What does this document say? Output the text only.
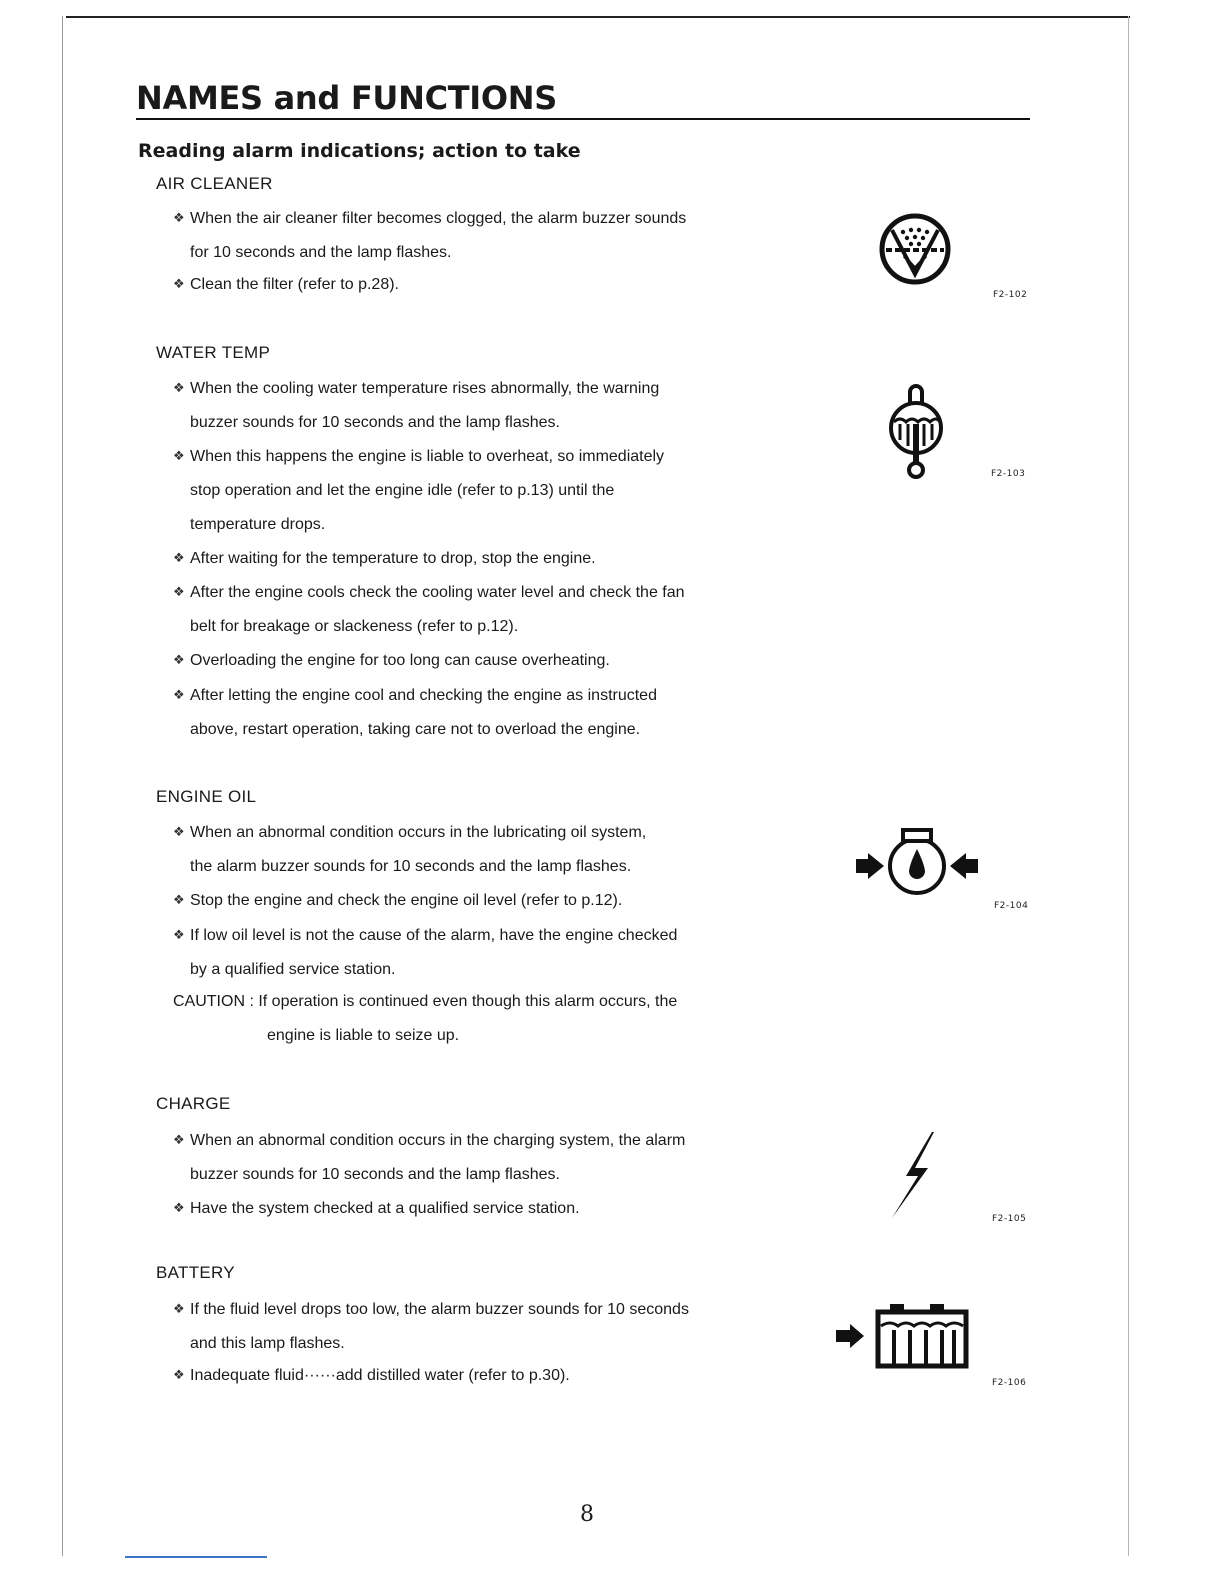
NAMES and FUNCTIONS
Reading alarm indications; action to take
AIR CLEANER
❖ When the air cleaner filter becomes clogged, the alarm buzzer sounds
for 10 seconds and the lamp flashes.
❖ Clean the filter (refer to p.28).
F2-102
WATER TEMP
❖ When the cooling water temperature rises abnormally, the warning
buzzer sounds for 10 seconds and the lamp flashes.
❖ When this happens the engine is liable to overheat, so immediately
stop operation and let the engine idle (refer to p.13) until the
temperature drops.
❖ After waiting for the temperature to drop, stop the engine.
❖ After the engine cools check the cooling water level and check the fan
belt for breakage or slackeness (refer to p.12).
❖ Overloading the engine for too long can cause overheating.
❖ After letting the engine cool and checking the engine as instructed
above, restart operation, taking care not to overload the engine.
F2-103
ENGINE OIL
❖ When an abnormal condition occurs in the lubricating oil system,
the alarm buzzer sounds for 10 seconds and the lamp flashes.
❖ Stop the engine and check the engine oil level (refer to p.12).
❖ If low oil level is not the cause of the alarm, have the engine checked
by a qualified service station.
CAUTION : If operation is continued even though this alarm occurs, the
engine is liable to seize up.
F2-104
CHARGE
❖ When an abnormal condition occurs in the charging system, the alarm
buzzer sounds for 10 seconds and the lamp flashes.
❖ Have the system checked at a qualified service station.
F2-105
BATTERY
❖ If the fluid level drops too low, the alarm buzzer sounds for 10 seconds
and this lamp flashes.
❖ Inadequate fluid······add distilled water (refer to p.30).	F2-106
8
